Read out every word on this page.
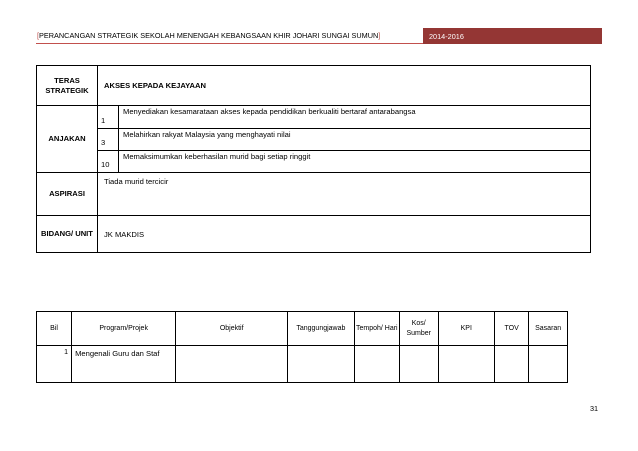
[ PERANCANGAN STRATEGIK SEKOLAH MENENGAH KEBANGSAAN KHIR JOHARI SUNGAI SUMUN ]	2014-2016
TERAS STRATEGIK	AKSES KEPADA KEJAYAAN	
ANJAKAN	1	Menyediakan kesamarataan akses kepada pendidikan berkualiti bertaraf antarabangsa
	3	Melahirkan rakyat Malaysia yang menghayati nilai
	10	Memaksimumkan keberhasilan murid bagi setiap ringgit
ASPIRASI	Tiada murid tercicir	
BIDANG/ UNIT	JK MAKDIS	
Bil	Program/Projek	Objektif	Tanggungjawab	Tempoh/ Hari	Kos/ Sumber	KPI	TOV	Sasaran
1	Mengenali Guru dan Staf							
31
